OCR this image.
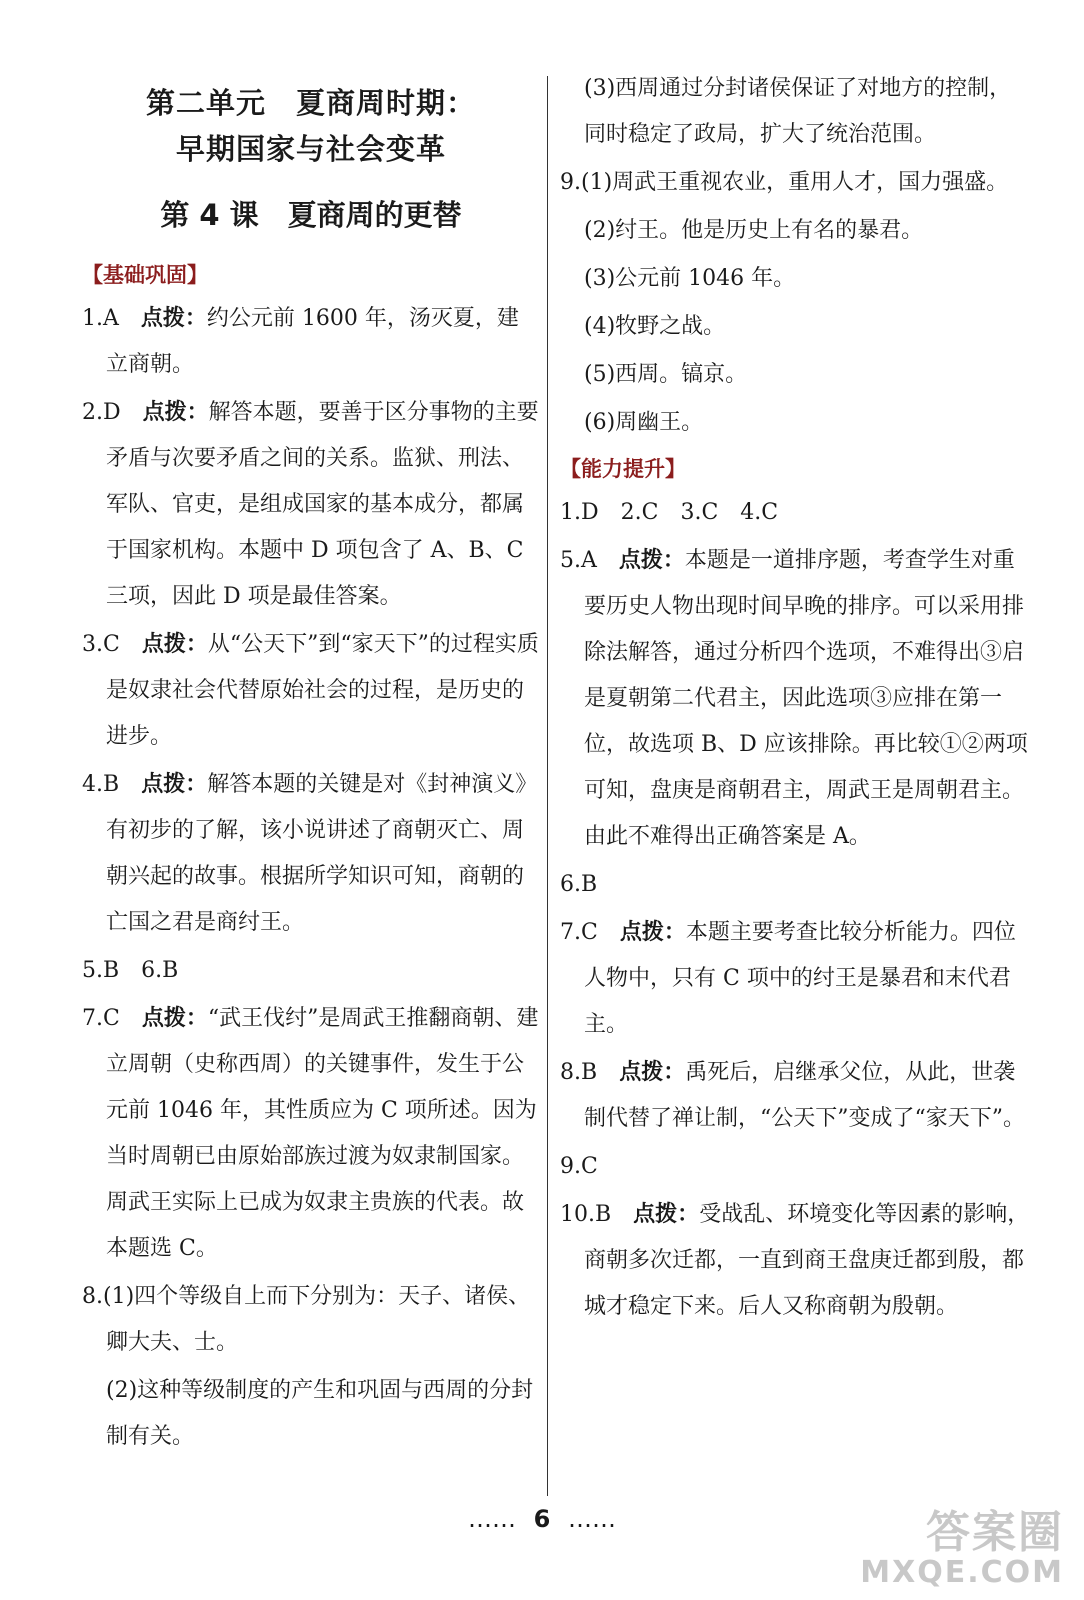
第二单元　夏商周时期：
早期国家与社会变革
第 4 课　夏商周的更替
【基础巩固】
1.A　 点拨：约公元前 1600 年，汤灭夏，建立商朝。
2.D　 点拨：解答本题，要善于区分事物的主要矛盾与次要矛盾之间的关系。监狱、刑法、军队、官吏，是组成国家的基本成分，都属于国家机构。本题中 D 项包含了 A、B、C 三项，因此 D 项是最佳答案。
3.C　 点拨：从“公天下”到“家天下”的过程实质是奴隶社会代替原始社会的过程，是历史的进步。
4.B　 点拨：解答本题的关键是对《封神演义》有初步的了解，该小说讲述了商朝灭亡、周朝兴起的故事。根据所学知识可知，商朝的亡国之君是商纣王。
5.B　6.B
7.C　 点拨：“武王伐纣”是周武王推翻商朝、建立周朝（史称西周）的关键事件，发生于公元前 1046 年，其性质应为 C 项所述。因为当时周朝已由原始部族过渡为奴隶制国家。周武王实际上已成为奴隶主贵族的代表。故本题选 C。
8.(1)四个等级自上而下分别为：天子、诸侯、卿大夫、士。
(2)这种等级制度的产生和巩固与西周的分封制有关。
(3)西周通过分封诸侯保证了对地方的控制，同时稳定了政局，扩大了统治范围。
9.(1)周武王重视农业，重用人才，国力强盛。
(2)纣王。他是历史上有名的暴君。
(3)公元前 1046 年。
(4)牧野之战。
(5)西周。镐京。
(6)周幽王。
【能力提升】
1.D　2.C　3.C　4.C
5.A　 点拨：本题是一道排序题，考查学生对重要历史人物出现时间早晚的排序。可以采用排除法解答，通过分析四个选项，不难得出③启是夏朝第二代君主，因此选项③应排在第一位，故选项 B、D 应该排除。再比较①②两项可知，盘庚是商朝君主，周武王是周朝君主。由此不难得出正确答案是 A。
6.B
7.C　 点拨：本题主要考查比较分析能力。四位人物中，只有 C 项中的纣王是暴君和末代君主。
8.B　 点拨：禹死后，启继承父位，从此，世袭制代替了禅让制，“公天下”变成了“家天下”。
9.C
10.B　 点拨：受战乱、环境变化等因素的影响，商朝多次迁都，一直到商王盘庚迁都到殷，都城才稳定下来。后人又称商朝为殷朝。
…… 6 ……	答案圈
MXQE.COM
